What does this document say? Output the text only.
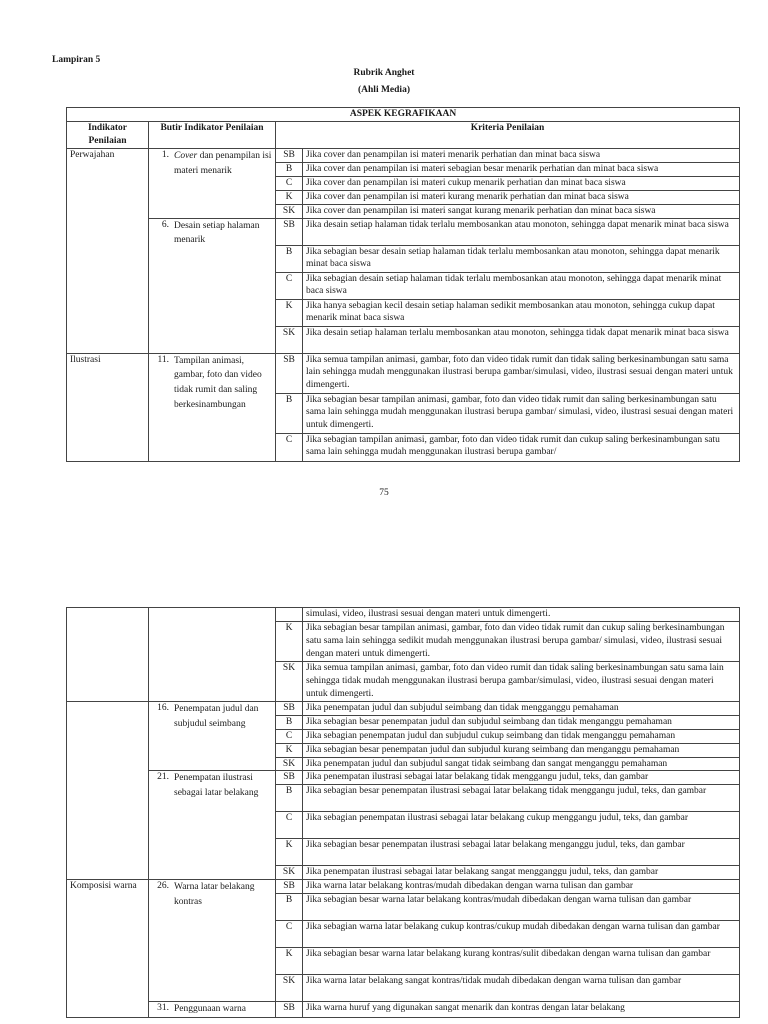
Lampiran 5
Rubrik Anghet
(Ahli Media)
ASPEK KEGRAFIKAAN			
Indikator Penilaian	Butir Indikator Penilaian	Kriteria Penilaian	
Perwajahan	1. Cover dan penampilan isi materi menarik	SB	Jika cover dan penampilan isi materi menarik perhatian dan minat baca siswa
		B	Jika cover dan penampilan isi materi sebagian besar menarik perhatian dan minat baca siswa
		C	Jika cover dan penampilan isi materi cukup menarik perhatian dan minat baca siswa
		K	Jika cover dan penampilan isi materi kurang menarik perhatian dan minat baca siswa
		SK	Jika cover dan penampilan isi materi sangat kurang menarik perhatian dan minat baca siswa

	6. Desain setiap halaman menarik	SB	Jika desain setiap halaman tidak terlalu membosankan atau monoton, sehingga dapat menarik minat baca siswa
		B	Jika sebagian besar desain setiap halaman tidak terlalu membosankan atau monoton, sehingga dapat menarik minat baca siswa
		C	Jika sebagian desain setiap halaman tidak terlalu membosankan atau monoton, sehingga dapat menarik minat baca siswa
		K	Jika hanya sebagian kecil desain setiap halaman sedikit membosankan atau monoton, sehingga cukup dapat menarik minat baca siswa
		SK	Jika desain setiap halaman terlalu membosankan atau monoton, sehingga tidak dapat menarik minat baca siswa
Ilustrasi	11. Tampilan animasi, gambar, foto dan video tidak rumit dan saling berkesinambungan	SB	Jika semua tampilan animasi, gambar, foto dan video tidak rumit dan tidak saling berkesinambungan satu sama lain sehingga mudah menggunakan ilustrasi berupa gambar/simulasi, video, ilustrasi sesuai dengan materi untuk dimengerti.
		B	Jika sebagian besar tampilan animasi, gambar, foto dan video tidak rumit dan saling berkesinambungan satu sama lain sehingga mudah menggunakan ilustrasi berupa gambar/ simulasi, video, ilustrasi sesuai dengan materi untuk dimengerti.
		C	Jika sebagian tampilan animasi, gambar, foto dan video tidak rumit dan cukup saling berkesinambungan satu sama lain sehingga mudah menggunakan ilustrasi berupa gambar/
75
			simulasi, video, ilustrasi sesuai dengan materi untuk dimengerti.
		K	Jika sebagian besar tampilan animasi, gambar, foto dan video tidak rumit dan cukup saling berkesinambungan satu sama lain sehingga sedikit mudah menggunakan ilustrasi berupa gambar/ simulasi, video, ilustrasi sesuai dengan materi untuk dimengerti.
		SK	Jika semua tampilan animasi, gambar, foto dan video rumit dan tidak saling berkesinambungan satu sama lain sehingga tidak mudah menggunakan ilustrasi berupa gambar/simulasi, video, ilustrasi sesuai dengan materi untuk dimengerti.

	16. Penempatan judul dan subjudul seimbang	SB	Jika penempatan judul dan subjudul seimbang dan tidak mengganggu pemahaman
		B	Jika sebagian besar penempatan judul dan subjudul seimbang dan tidak menganggu pemahaman
		C	Jika sebagian penempatan judul dan subjudul cukup seimbang dan tidak menganggu pemahaman
		K	Jika sebagian besar penempatan judul dan subjudul kurang seimbang dan menganggu pemahaman
		SK	Jika penempatan judul dan subjudul sangat tidak seimbang dan sangat menganggu pemahaman

	21. Penempatan ilustrasi sebagai latar belakang	SB	Jika penempatan ilustrasi sebagai latar belakang tidak menggangu judul, teks, dan gambar
		B	Jika sebagian besar penempatan ilustrasi sebagai latar belakang tidak menggangu judul, teks, dan gambar
		C	Jika sebagian penempatan ilustrasi sebagai latar belakang cukup menggangu judul, teks, dan gambar
		K	Jika sebagian besar penempatan ilustrasi sebagai latar belakang menganggu judul, teks, dan gambar
		SK	Jika penempatan ilustrasi sebagai latar belakang sangat mengganggu judul, teks, dan gambar
Komposisi warna	26. Warna latar belakang kontras	SB	Jika warna latar belakang kontras/mudah dibedakan dengan warna tulisan dan gambar
		B	Jika sebagian besar warna latar belakang kontras/mudah dibedakan dengan warna tulisan dan gambar
		C	Jika sebagian warna latar belakang cukup kontras/cukup mudah dibedakan dengan warna tulisan dan gambar
		K	Jika sebagian besar warna latar belakang kurang kontras/sulit dibedakan dengan warna tulisan dan gambar
		SK	Jika warna latar belakang sangat kontras/tidak mudah dibedakan dengan warna tulisan dan gambar

	31. Penggunaan warna	SB	Jika warna huruf yang digunakan sangat menarik dan kontras dengan latar belakang
